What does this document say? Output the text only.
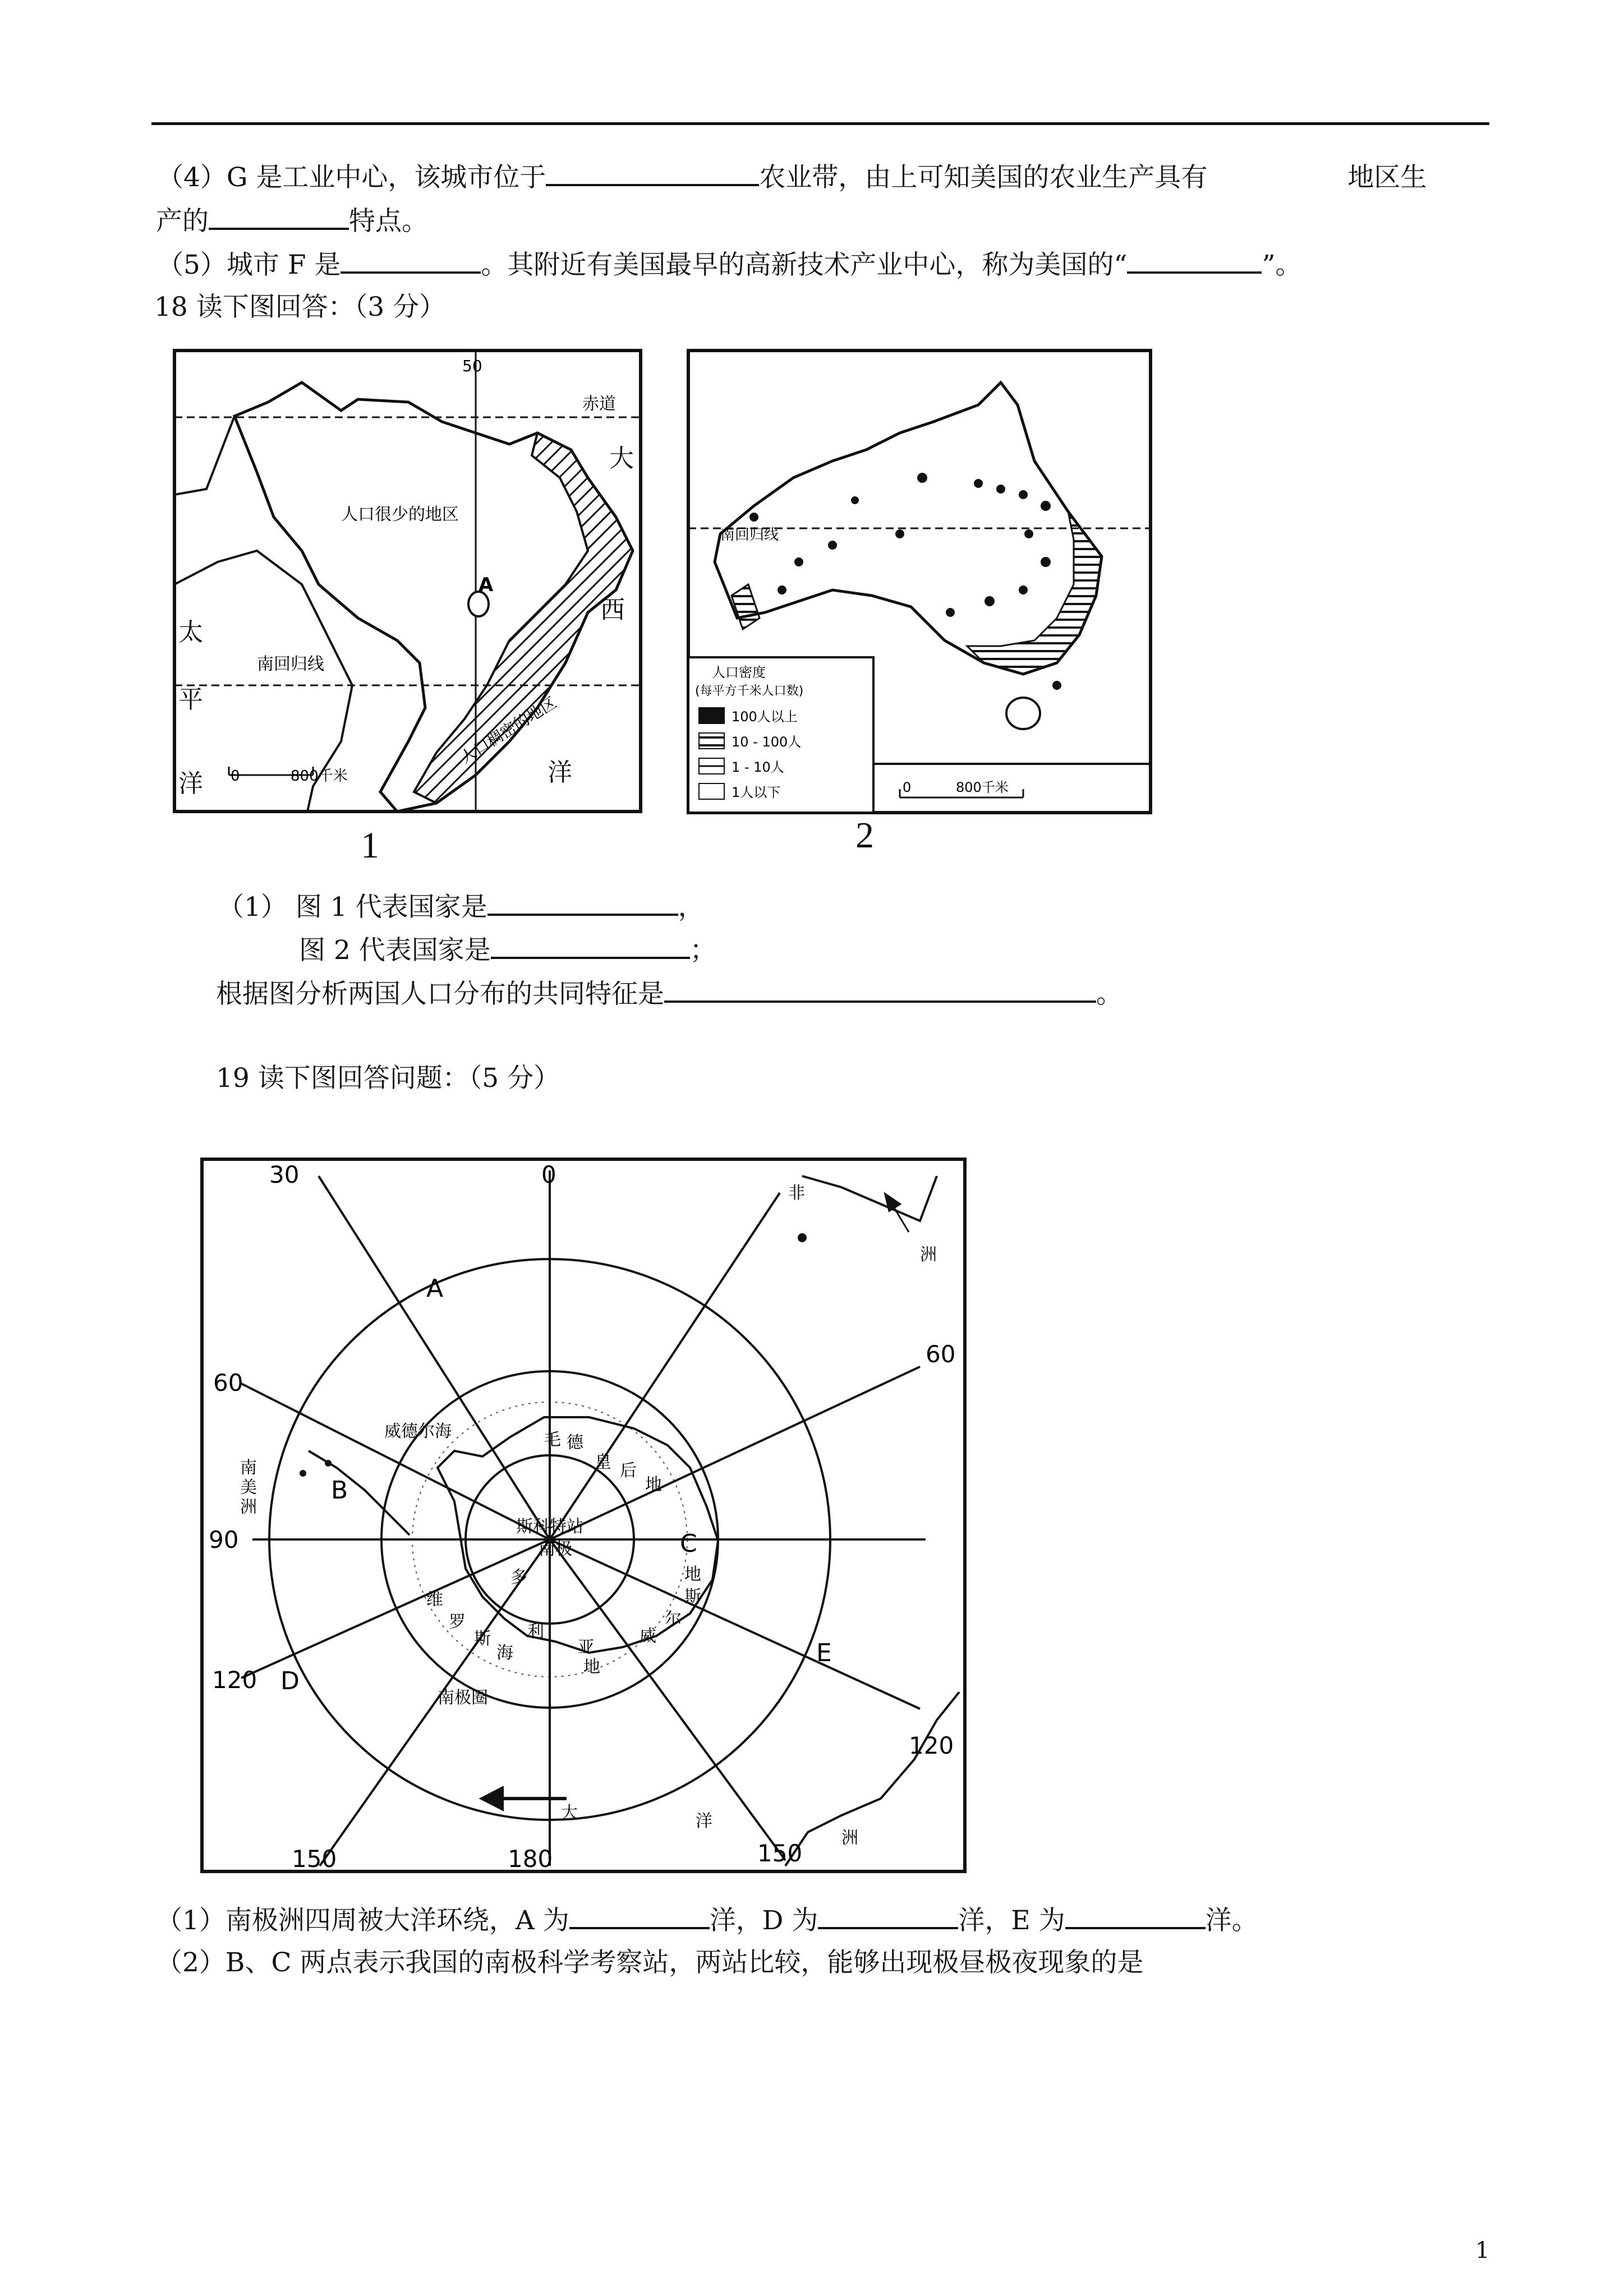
（4）G 是工业中心，该城市位于	农业带，由上可知美国的农业生产具有	地区生
产的	特点。
（5）城市 F 是	。其附近有美国最早的高新技术产业中心，称为美国的“	”。
18 读下图回答：（3 分）
50
赤道
南回归线
A
人口很少的地区
人口稠密的地区
太
平
洋
大
西
洋
0	800千米
南回归线
人口密度
(每平方千米人口数)
100人以上
10 - 100人
1 - 10人
1人以下	0	800千米
1	2
（1） 图 1 代表国家是	，
图 2 代表国家是	；
根据图分析两国人口分布的共同特征是	。
19 读下图回答问题：（5 分）
0
30
60
60
90
120
120
150	150
180
A
B
C
D
E
威德尔海	毛 德
皇 后
地
斯科特站
南极
地
斯
尔
威
罗
斯
海
维
多
利
亚
地
南极圈
大	洋
非
洲
南
美
洲
洲
（1）南极洲四周被大洋环绕，A 为	洋，D 为	洋，E 为	洋。
（2）B、C 两点表示我国的南极科学考察站，两站比较，能够出现极昼极夜现象的是
1
